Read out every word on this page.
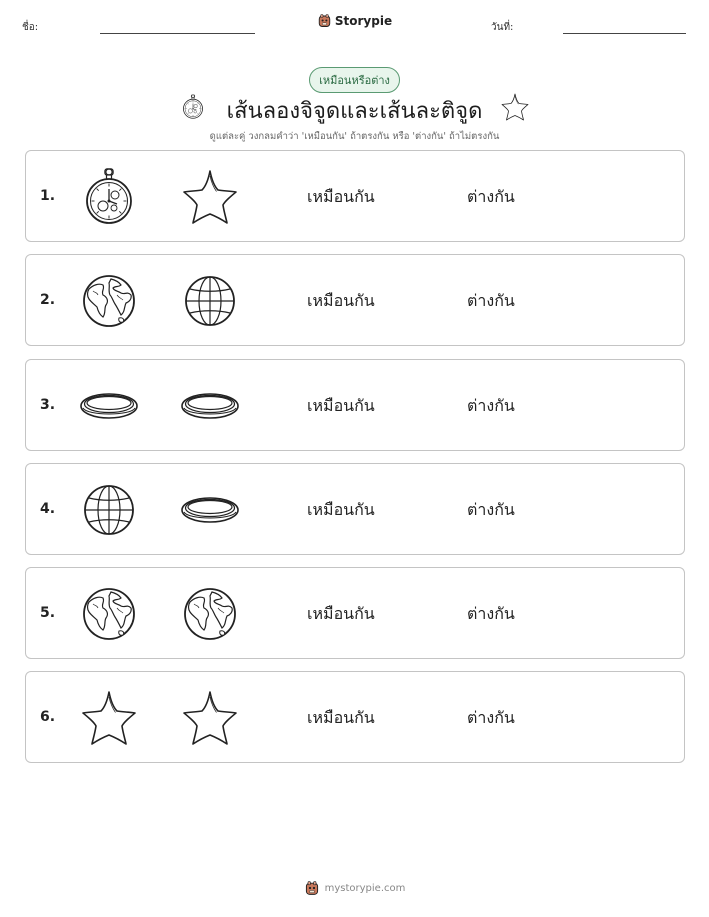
ชื่อ:	Storypie	วันที่:
เหมือนหรือต่าง
เส้นลองจิจูดและเส้นละติจูด
ดูแต่ละคู่ วงกลมคำว่า 'เหมือนกัน' ถ้าตรงกัน หรือ 'ต่างกัน' ถ้าไม่ตรงกัน
1.	เหมือนกัน	ต่างกัน
2.	เหมือนกัน	ต่างกัน
3.	เหมือนกัน	ต่างกัน
4.	เหมือนกัน	ต่างกัน
5.	เหมือนกัน	ต่างกัน
6.	เหมือนกัน	ต่างกัน
mystorypie.com
